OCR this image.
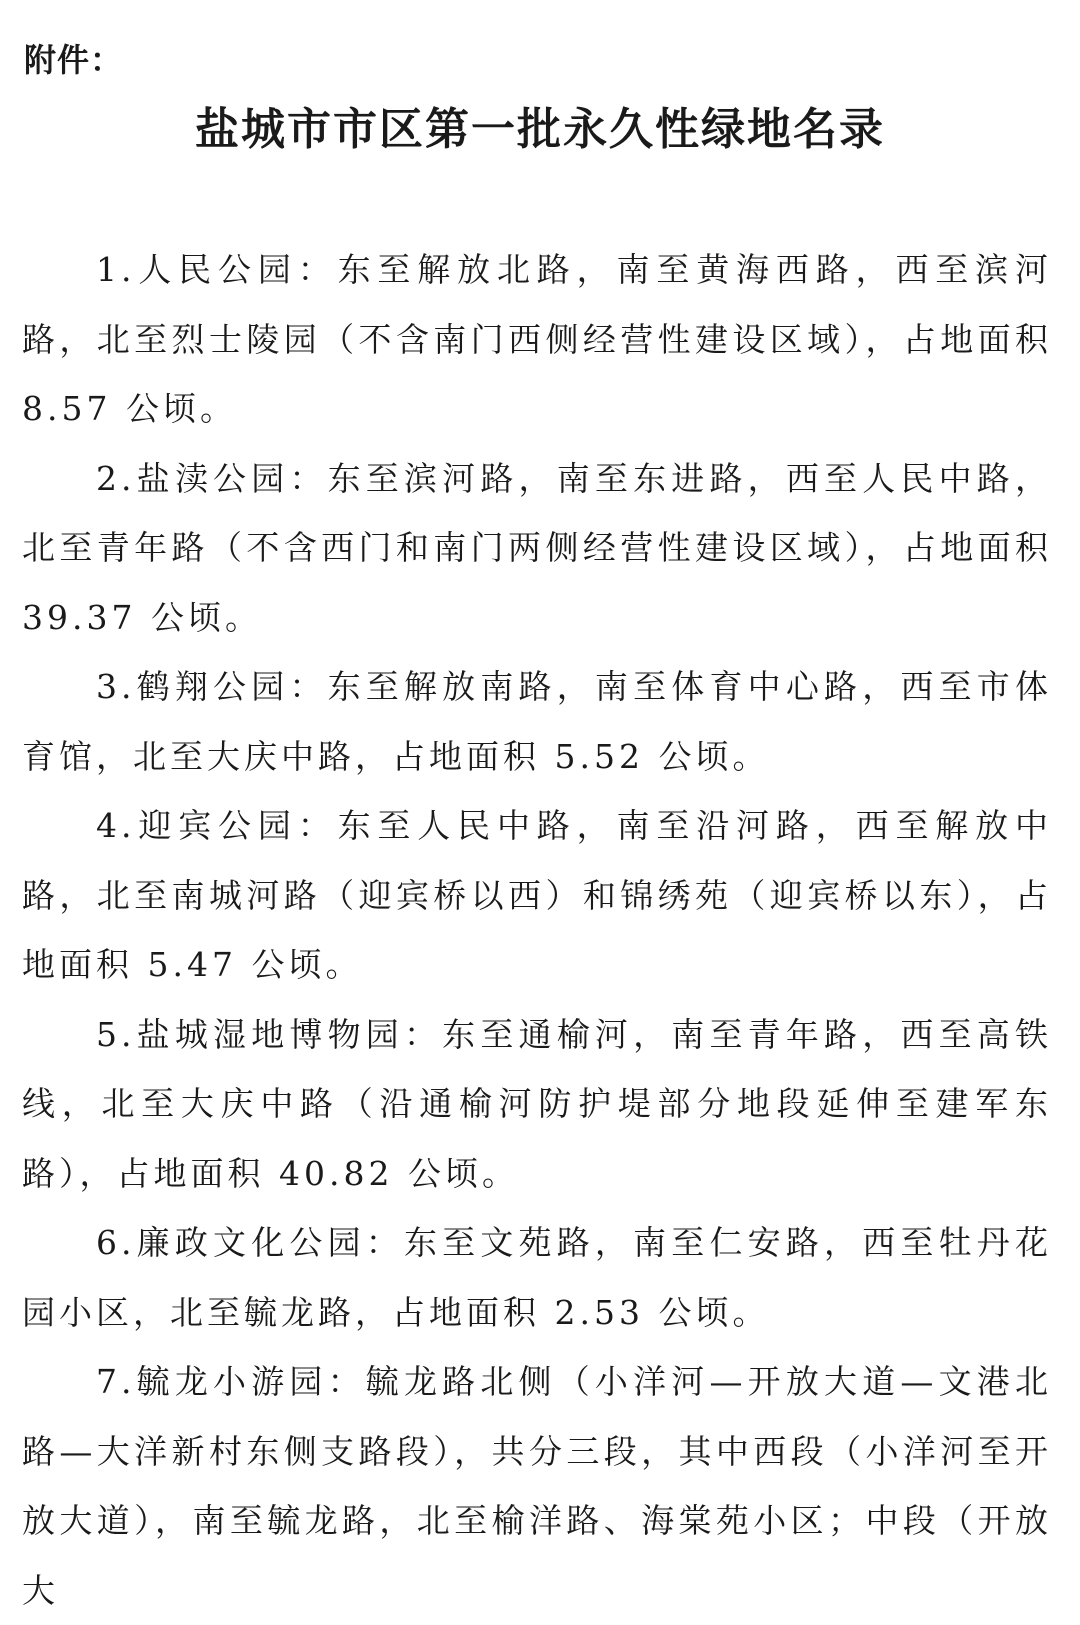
附件：

盐城市市区第一批永久性绿地名录

1.人民公园：东至解放北路，南至黄海西路，西至滨河路，北至烈士陵园（不含南门西侧经营性建设区域），占地面积 8.57 公顷。

2.盐渎公园：东至滨河路，南至东进路，西至人民中路，北至青年路（不含西门和南门两侧经营性建设区域），占地面积 39.37 公顷。

3.鹤翔公园：东至解放南路，南至体育中心路，西至市体育馆，北至大庆中路，占地面积 5.52 公顷。

4.迎宾公园：东至人民中路，南至沿河路，西至解放中路，北至南城河路（迎宾桥以西）和锦绣苑（迎宾桥以东），占地面积 5.47 公顷。

5.盐城湿地博物园：东至通榆河，南至青年路，西至高铁线，北至大庆中路（沿通榆河防护堤部分地段延伸至建军东路），占地面积 40.82 公顷。

6.廉政文化公园：东至文苑路，南至仁安路，西至牡丹花园小区，北至毓龙路，占地面积 2.53 公顷。

7.毓龙小游园：毓龙路北侧（小洋河—开放大道—文港北路—大洋新村东侧支路段），共分三段，其中西段（小洋河至开放大道），南至毓龙路，北至榆洋路、海棠苑小区；中段（开放大
